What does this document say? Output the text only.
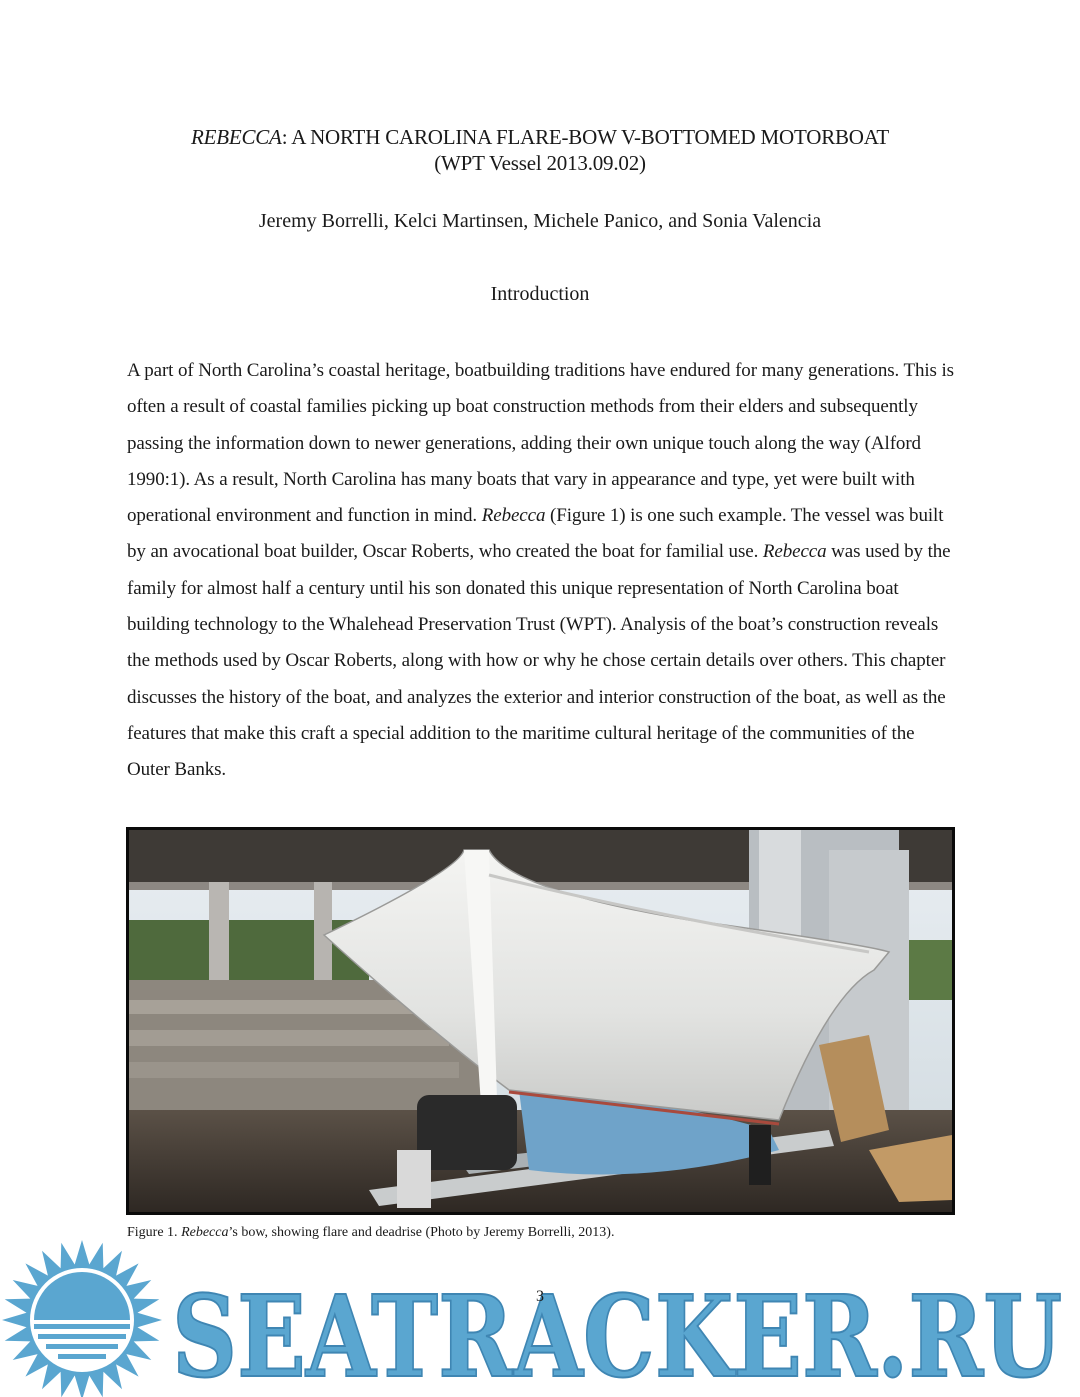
REBECCA: A NORTH CAROLINA FLARE-BOW V-BOTTOMED MOTORBOAT
(WPT Vessel 2013.09.02)
Jeremy Borrelli, Kelci Martinsen, Michele Panico, and Sonia Valencia
Introduction
A part of North Carolina’s coastal heritage, boatbuilding traditions have endured for many generations. This is often a result of coastal families picking up boat construction methods from their elders and subsequently passing the information down to newer generations, adding their own unique touch along the way (Alford 1990:1). As a result, North Carolina has many boats that vary in appearance and type, yet were built with operational environment and function in mind. Rebecca (Figure 1) is one such example. The vessel was built by an avocational boat builder, Oscar Roberts, who created the boat for familial use. Rebecca was used by the family for almost half a century until his son donated this unique representation of North Carolina boat building technology to the Whalehead Preservation Trust (WPT). Analysis of the boat’s construction reveals the methods used by Oscar Roberts, along with how or why he chose certain details over others. This chapter discusses the history of the boat, and analyzes the exterior and interior construction of the boat, as well as the features that make this craft a special addition to the maritime cultural heritage of the communities of the Outer Banks.
Figure 1. Rebecca’s bow, showing flare and deadrise (Photo by Jeremy Borrelli, 2013).
3
SEATRACKER.RU
